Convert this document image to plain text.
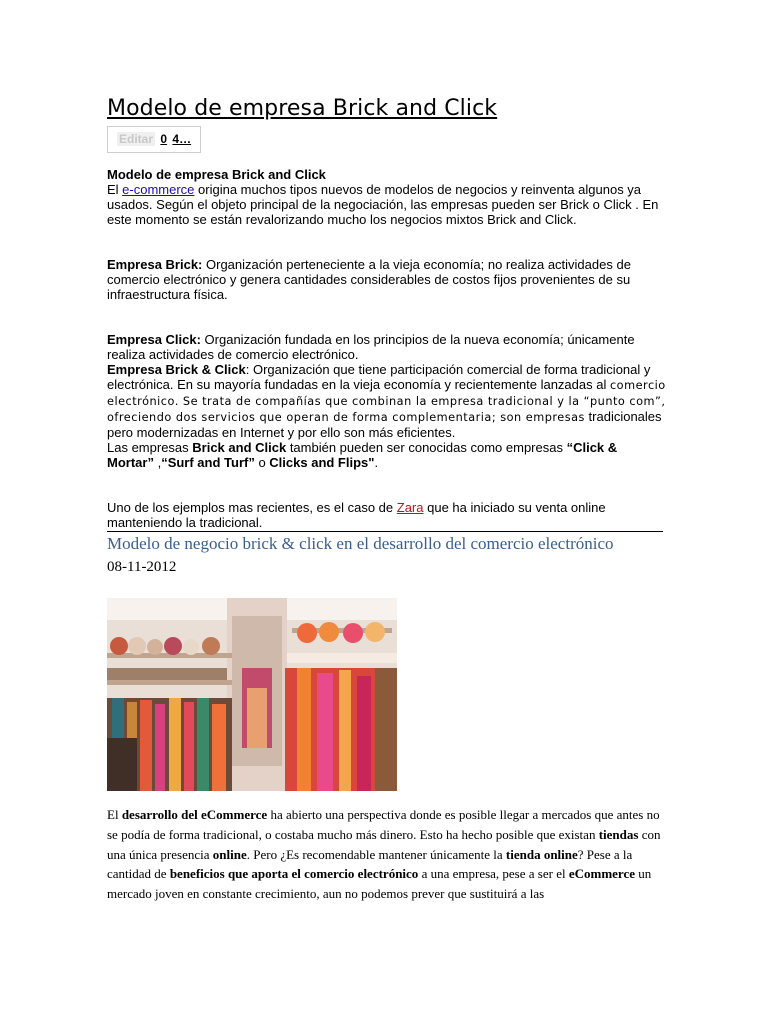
Modelo de empresa Brick and Click
Editar 0 4…

Modelo de empresa Brick and Click

El e-commerce origina muchos tipos nuevos de modelos de negocios y reinventa algunos ya usados. Según el objeto principal de la negociación, las empresas pueden ser Brick o Click . En este momento se están revalorizando mucho los negocios mixtos Brick and Click.

Empresa Brick: Organización perteneciente a la vieja economía; no realiza actividades de comercio electrónico y genera cantidades considerables de costos fijos provenientes de su infraestructura física.

Empresa Click: Organización fundada en los principios de la nueva economía; únicamente realiza actividades de comercio electrónico.

Empresa Brick & Click: Organización que tiene participación comercial de forma tradicional y electrónica. En su mayoría fundadas en la vieja economía y recientemente lanzadas al comercio electrónico. Se trata de compañías que combinan la empresa tradicional y la “punto com”, ofreciendo dos servicios que operan de forma complementaria; son empresas tradicionales pero modernizadas en Internet y por ello son más eficientes.

Las empresas Brick and Click también pueden ser conocidas como empresas “Click & Mortar” ,“Surf and Turf” o Clicks and Flips".

Uno de los ejemplos mas recientes, es el caso de Zara que ha iniciado su venta online manteniendo la tradicional.

Modelo de negocio brick & click en el desarrollo del comercio electrónico
08-11-2012
El desarrollo del eCommerce ha abierto una perspectiva donde es posible llegar a mercados que antes no se podía de forma tradicional, o costaba mucho más dinero. Esto ha hecho posible que existan tiendas con una única presencia online. Pero ¿Es recomendable mantener únicamente la tienda online? Pese a la cantidad de beneficios que aporta el comercio electrónico a una empresa, pese a ser el eCommerce un mercado joven en constante crecimiento, aun no podemos prever que sustituirá a las
